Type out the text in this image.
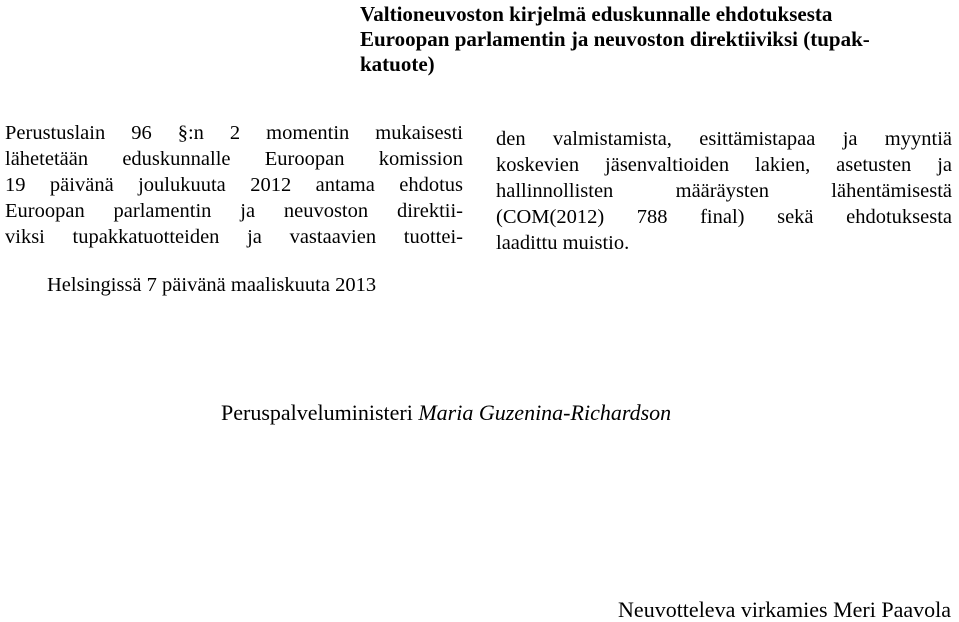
Valtioneuvoston kirjelmä eduskunnalle ehdotuksesta
Euroopan parlamentin ja neuvoston direktiiviksi (tupak-
katuote)
Perustuslain 96 §:n 2 momentin mukaisesti
lähetetään eduskunnalle Euroopan komission
19 päivänä joulukuuta 2012 antama ehdotus
Euroopan parlamentin ja neuvoston direktii-
viksi tupakkatuotteiden ja vastaavien tuottei-
den valmistamista, esittämistapaa ja myyntiä
koskevien jäsenvaltioiden lakien, asetusten ja
hallinnollisten määräysten lähentämisestä
(COM(2012) 788 final) sekä ehdotuksesta
laadittu muistio.
Helsingissä 7 päivänä maaliskuuta 2013
Peruspalveluministeri Maria Guzenina-Richardson
Neuvotteleva virkamies Meri Paavola
